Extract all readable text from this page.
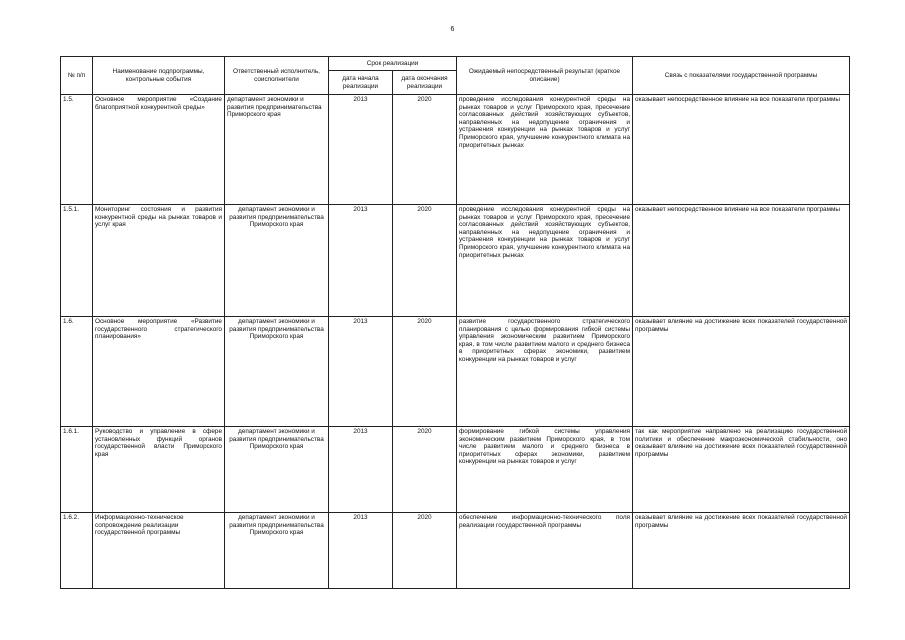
6
№ п/п	Наименование подпрограммы, контрольные события	Ответственный исполнитель, соисполнители	Срок реализации		Ожидаемый непосредственный результат (краткое описание)	Связь с показателями государственной программы
			дата начала реализации	дата окончания реализации		
1.5.	Основное мероприятие «Создание благоприятной конкурентной среды»	департамент экономики и развития предпринимательства Приморского края	2013	2020	проведение исследования конкурентной среды на рынках товаров и услуг Приморского края, пресечение согласованных действий хозяйствующих субъектов, направленных на недопущение ограничения и устранения конкуренции на рынках товаров и услуг Приморского края, улучшение конкурентного климата на приоритетных рынках	оказывает непосредственное влияние на все показатели программы
1.5.1.	Мониторинг состояния и развития конкурентной среды на рынках товаров и услуг края	департамент экономики и развития предпринимательства Приморского края	2013	2020	проведение исследования конкурентной среды на рынках товаров и услуг Приморского края, пресечение согласованных действий хозяйствующих субъектов, направленных на недопущение ограничения и устранения конкуренции на рынках товаров и услуг Приморского края, улучшение конкурентного климата на приоритетных рынках	оказывает непосредственное влияние на все показатели программы
1.6.	Основное мероприятие «Развитие государственного стратегического планирования»	департамент экономики и развития предпринимательства Приморского края	2013	2020	развитие государственного стратегического планирования с целью формирования гибкой системы управления экономическим развитием Приморского края, в том числе развитием малого и среднего бизнеса в приоритетных сферах экономики, развитием конкуренции на рынках товаров и услуг	оказывает влияние на достижение всех показателей государственной программы
1.6.1.	Руководство и управление в сфере установленных функций органов государственной власти Приморского края	департамент экономики и развития предпринимательства Приморского края	2013	2020	формирование гибкой системы управления экономическим развитием Приморского края, в том числе развитием малого и среднего бизнеса в приоритетных сферах экономики, развитием конкуренции на рынках товаров и услуг	так как мероприятие направлено на реализацию государственной политики и обеспечение макроэкономической стабильности, оно оказывает влияние на достижение всех показателей государственной программы
1.6.2.	Информационно-техническое сопровождение реализации государственной программы	департамент экономики и развития предпринимательства Приморского края	2013	2020	обеспечение информационно-технического поля реализации государственной программы	оказывает влияние на достижение всех показателей государственной программы
